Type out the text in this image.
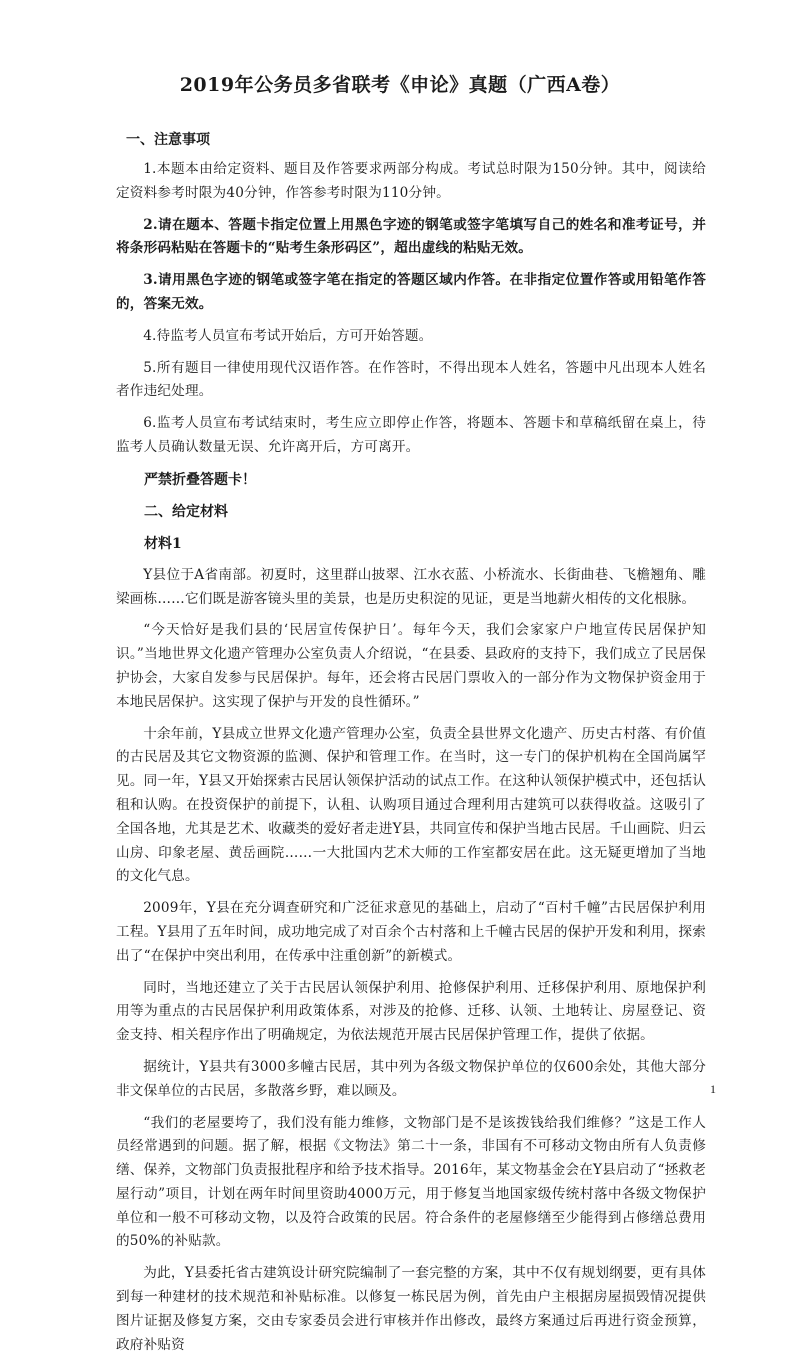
2019年公务员多省联考《申论》真题（广西A卷）
一、注意事项

1.本题本由给定资料、题目及作答要求两部分构成。考试总时限为150分钟。其中，阅读给定资料参考时限为40分钟，作答参考时限为110分钟。

2.请在题本、答题卡指定位置上用黑色字迹的钢笔或签字笔填写自己的姓名和准考证号，并将条形码粘贴在答题卡的“贴考生条形码区”，超出虚线的粘贴无效。

3.请用黑色字迹的钢笔或签字笔在指定的答题区域内作答。在非指定位置作答或用铅笔作答的，答案无效。

4.待监考人员宣布考试开始后，方可开始答题。

5.所有题目一律使用现代汉语作答。在作答时，不得出现本人姓名，答题中凡出现本人姓名者作违纪处理。

6.监考人员宣布考试结束时，考生应立即停止作答，将题本、答题卡和草稿纸留在桌上，待监考人员确认数量无误、允许离开后，方可离开。

严禁折叠答题卡！
二、给定材料
材料1

Y县位于A省南部。初夏时，这里群山披翠、江水衣蓝、小桥流水、长街曲巷、飞檐翘角、雕梁画栋……它们既是游客镜头里的美景，也是历史积淀的见证，更是当地薪火相传的文化根脉。

“今天恰好是我们县的‘民居宣传保护日’。每年今天，我们会家家户户地宣传民居保护知识。”当地世界文化遗产管理办公室负责人介绍说，“在县委、县政府的支持下，我们成立了民居保护协会，大家自发参与民居保护。每年，还会将古民居门票收入的一部分作为文物保护资金用于本地民居保护。这实现了保护与开发的良性循环。”

十余年前，Y县成立世界文化遗产管理办公室，负责全县世界文化遗产、历史古村落、有价值的古民居及其它文物资源的监测、保护和管理工作。在当时，这一专门的保护机构在全国尚属罕见。同一年，Y县又开始探索古民居认领保护活动的试点工作。在这种认领保护模式中，还包括认租和认购。在投资保护的前提下，认租、认购项目通过合理利用古建筑可以获得收益。这吸引了全国各地，尤其是艺术、收藏类的爱好者走进Y县，共同宣传和保护当地古民居。千山画院、归云山房、印象老屋、黄岳画院……一大批国内艺术大师的工作室都安居在此。这无疑更增加了当地的文化气息。

2009年，Y县在充分调查研究和广泛征求意见的基础上，启动了“百村千幢”古民居保护利用工程。Y县用了五年时间，成功地完成了对百余个古村落和上千幢古民居的保护开发和利用，探索出了“在保护中突出利用，在传承中注重创新”的新模式。

同时，当地还建立了关于古民居认领保护利用、抢修保护利用、迁移保护利用、原地保护利用等为重点的古民居保护利用政策体系，对涉及的抢修、迁移、认领、土地转让、房屋登记、资金支持、相关程序作出了明确规定，为依法规范开展古民居保护管理工作，提供了依据。

据统计，Y县共有3000多幢古民居，其中列为各级文物保护单位的仅600余处，其他大部分非文保单位的古民居，多散落乡野，难以顾及。

“我们的老屋要垮了，我们没有能力维修，文物部门是不是该拨钱给我们维修？”这是工作人员经常遇到的问题。据了解，根据《文物法》第二十一条，非国有不可移动文物由所有人负责修缮、保养，文物部门负责报批程序和给予技术指导。2016年，某文物基金会在Y县启动了“拯救老屋行动”项目，计划在两年时间里资助4000万元，用于修复当地国家级传统村落中各级文物保护单位和一般不可移动文物，以及符合政策的民居。符合条件的老屋修缮至少能得到占修缮总费用的50%的补贴款。

为此，Y县委托省古建筑设计研究院编制了一套完整的方案，其中不仅有规划纲要，更有具体到每一种建材的技术规范和补贴标准。以修复一栋民居为例，首先由户主根据房屋损毁情况提供图片证据及修复方案，交由专家委员会进行审核并作出修改，最终方案通过后再进行资金预算，政府补贴资

1
